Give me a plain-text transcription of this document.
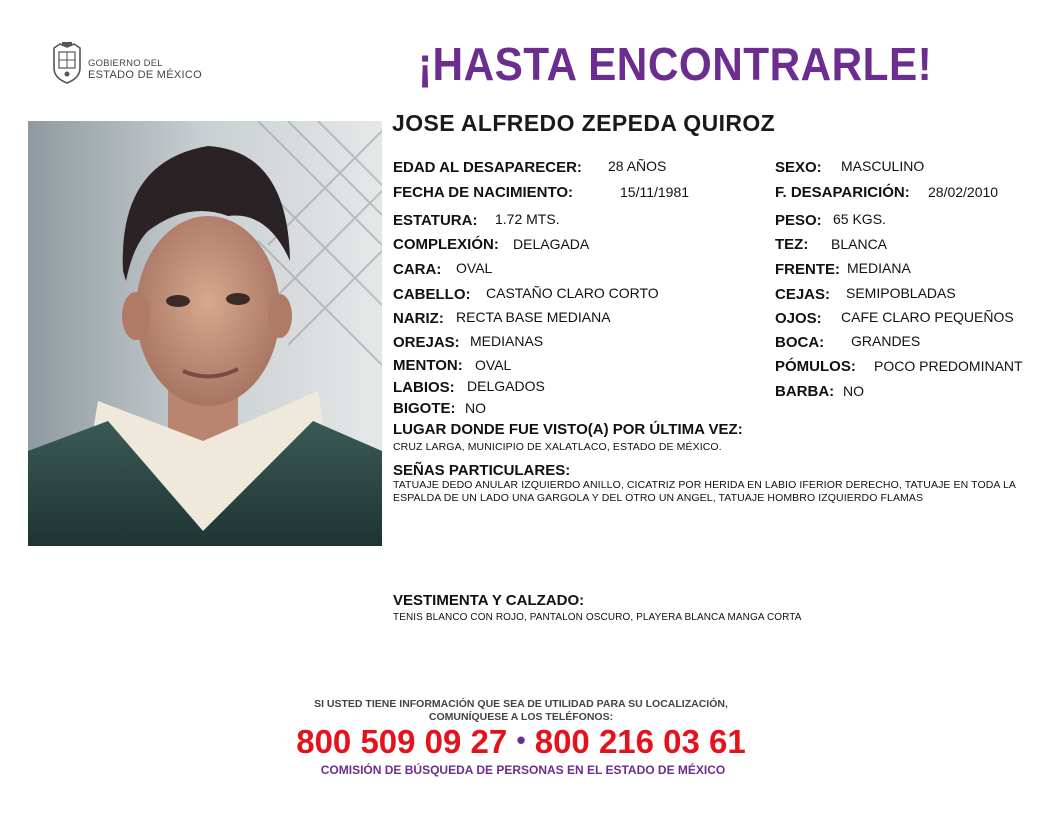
GOBIERNO DEL
ESTADO DE MÉXICO	¡HASTA ENCONTRARLE!
JOSE ALFREDO ZEPEDA QUIROZ
EDAD AL DESAPARECER: 28 AÑOS
FECHA DE NACIMIENTO:	15/11/1981
ESTATURA: 1.72 MTS.
COMPLEXIÓN: DELAGADA
CARA: OVAL
CABELLO: CASTAÑO CLARO CORTO
NARIZ: RECTA BASE MEDIANA
OREJAS: MEDIANAS
MENTON: OVAL
LABIOS: DELGADOS
BIGOTE: NO
SEXO: MASCULINO
F. DESAPARICIÓN: 28/02/2010
PESO: 65 KGS.
TEZ: BLANCA
FRENTE: MEDIANA
CEJAS: SEMIPOBLADAS
OJOS: CAFE CLARO PEQUEÑOS
BOCA: GRANDES
PÓMULOS: POCO PREDOMINANT
BARBA: NO
LUGAR DONDE FUE VISTO(A) POR ÚLTIMA VEZ:
CRUZ LARGA, MUNICIPIO DE XALATLACO, ESTADO DE MÉXICO.
SEÑAS PARTICULARES:
TATUAJE DEDO ANULAR IZQUIERDO ANILLO, CICATRIZ POR HERIDA EN LABIO IFERIOR DERECHO, TATUAJE EN TODA LA
ESPALDA DE UN LADO UNA GARGOLA Y DEL OTRO UN ANGEL, TATUAJE HOMBRO IZQUIERDO FLAMAS
VESTIMENTA Y CALZADO:
TENIS BLANCO CON ROJO, PANTALON OSCURO, PLAYERA BLANCA MANGA CORTA
SI USTED TIENE INFORMACIÓN QUE SEA DE UTILIDAD PARA SU LOCALIZACIÓN,
COMUNÍQUESE A LOS TELÉFONOS:
800 509 09 27 • 800 216 03 61
COMISIÓN DE BÚSQUEDA DE PERSONAS EN EL ESTADO DE MÉXICO
